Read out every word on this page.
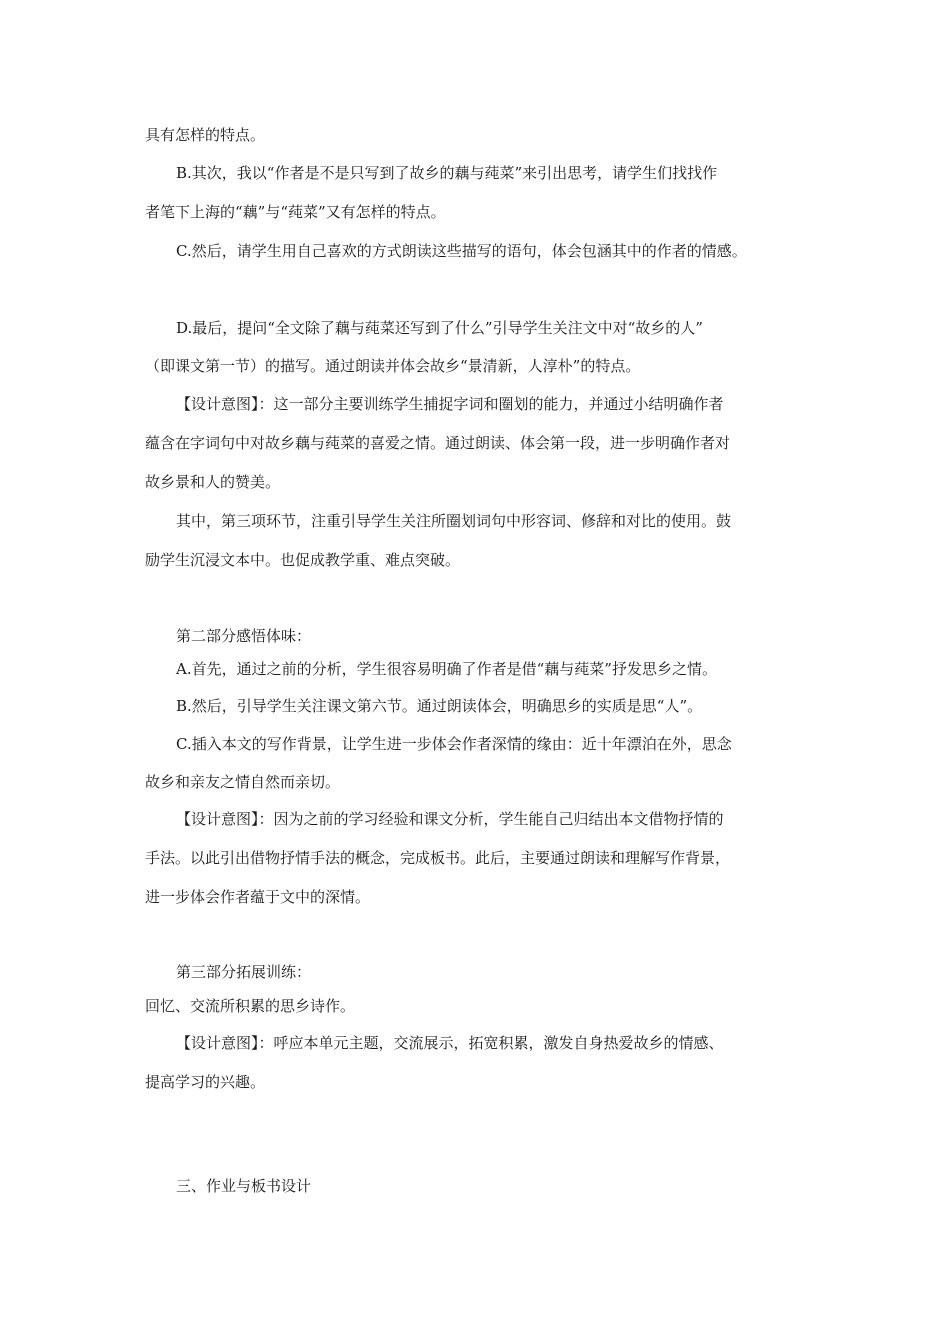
具有怎样的特点。
B.其次，我以“作者是不是只写到了故乡的藕与莼菜”来引出思考，请学生们找找作
者笔下上海的“藕”与“莼菜”又有怎样的特点。
C.然后，请学生用自己喜欢的方式朗读这些描写的语句，体会包涵其中的作者的情感。
D.最后，提问“全文除了藕与莼菜还写到了什么”引导学生关注文中对“故乡的人”
（即课文第一节）的描写。通过朗读并体会故乡“景清新，人淳朴”的特点。
【设计意图】：这一部分主要训练学生捕捉字词和圈划的能力，并通过小结明确作者
蕴含在字词句中对故乡藕与莼菜的喜爱之情。通过朗读、体会第一段，进一步明确作者对
故乡景和人的赞美。
其中，第三项环节，注重引导学生关注所圈划词句中形容词、修辞和对比的使用。鼓
励学生沉浸文本中。也促成教学重、难点突破。
第二部分感悟体味：
A.首先，通过之前的分析，学生很容易明确了作者是借“藕与莼菜”抒发思乡之情。
B.然后，引导学生关注课文第六节。通过朗读体会，明确思乡的实质是思“人”。
C.插入本文的写作背景，让学生进一步体会作者深情的缘由：近十年漂泊在外，思念
故乡和亲友之情自然而亲切。
【设计意图】：因为之前的学习经验和课文分析，学生能自己归结出本文借物抒情的
手法。以此引出借物抒情手法的概念，完成板书。此后，主要通过朗读和理解写作背景，
进一步体会作者蕴于文中的深情。
第三部分拓展训练：
回忆、交流所积累的思乡诗作。
【设计意图】：呼应本单元主题，交流展示，拓宽积累，激发自身热爱故乡的情感、
提高学习的兴趣。
三、作业与板书设计
